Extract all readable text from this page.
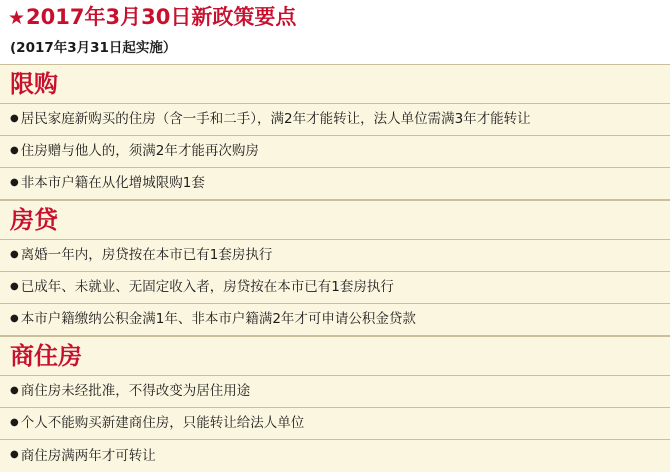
★ 2017年3月30日新政策要点
(2017年3月31日起实施）
限购
● 居民家庭新购买的住房（含一手和二手），满2年才能转让，法人单位需满3年才能转让
● 住房赠与他人的，须满2年才能再次购房
● 非本市户籍在从化增城限购1套
房贷
● 离婚一年内，房贷按在本市已有1套房执行
● 已成年、未就业、无固定收入者，房贷按在本市已有1套房执行
● 本市户籍缴纳公积金满1年、非本市户籍满2年才可申请公积金贷款
商住房
● 商住房未经批准，不得改变为居住用途
● 个人不能购买新建商住房，只能转让给法人单位
● 商住房满两年才可转让
